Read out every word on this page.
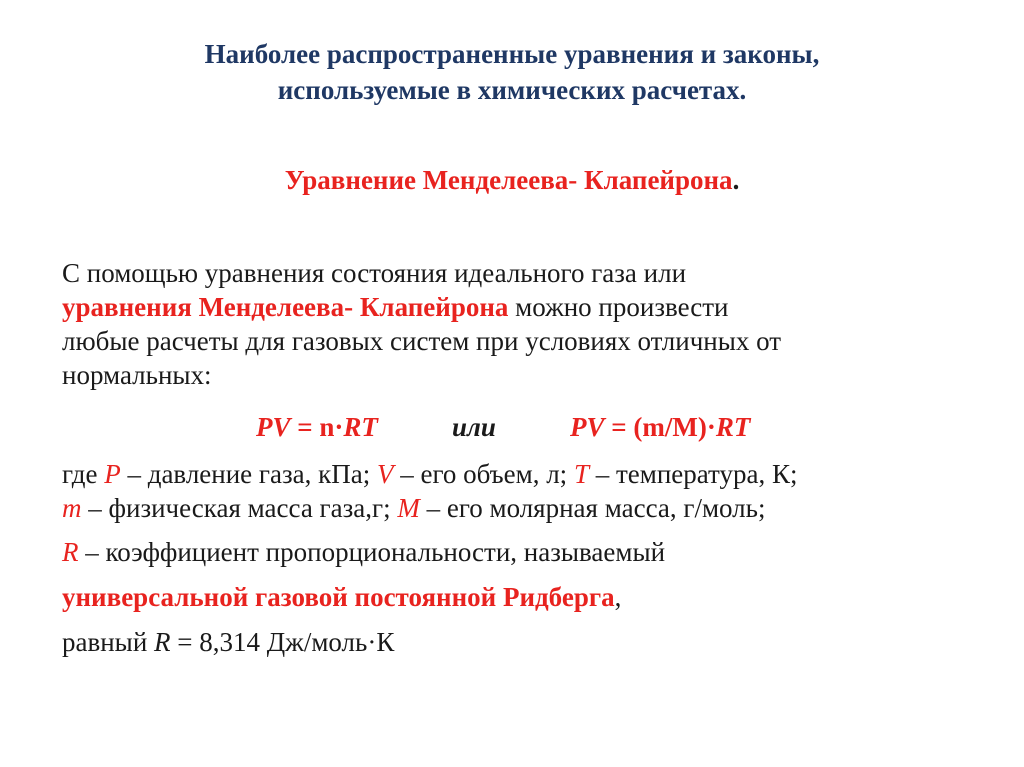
Наиболее распространенные уравнения и законы,
используемые в химических расчетах.
Уравнение Менделеева- Клапейрона.
С помощью уравнения состояния идеального газа или
уравнения Менделеева- Клапейрона можно произвести
любые расчеты для газовых систем при условиях отличных от
нормальных:
PV = n·RT	или	PV = (m/M)·RT
где P – давление газа, кПа; V – его объем, л; T – температура, К;
m – физическая масса газа,г; M – его молярная масса, г/моль;
R – коэффициент пропорциональности, называемый
универсальной газовой постоянной Ридберга,
равный R = 8,314 Дж/моль·К
